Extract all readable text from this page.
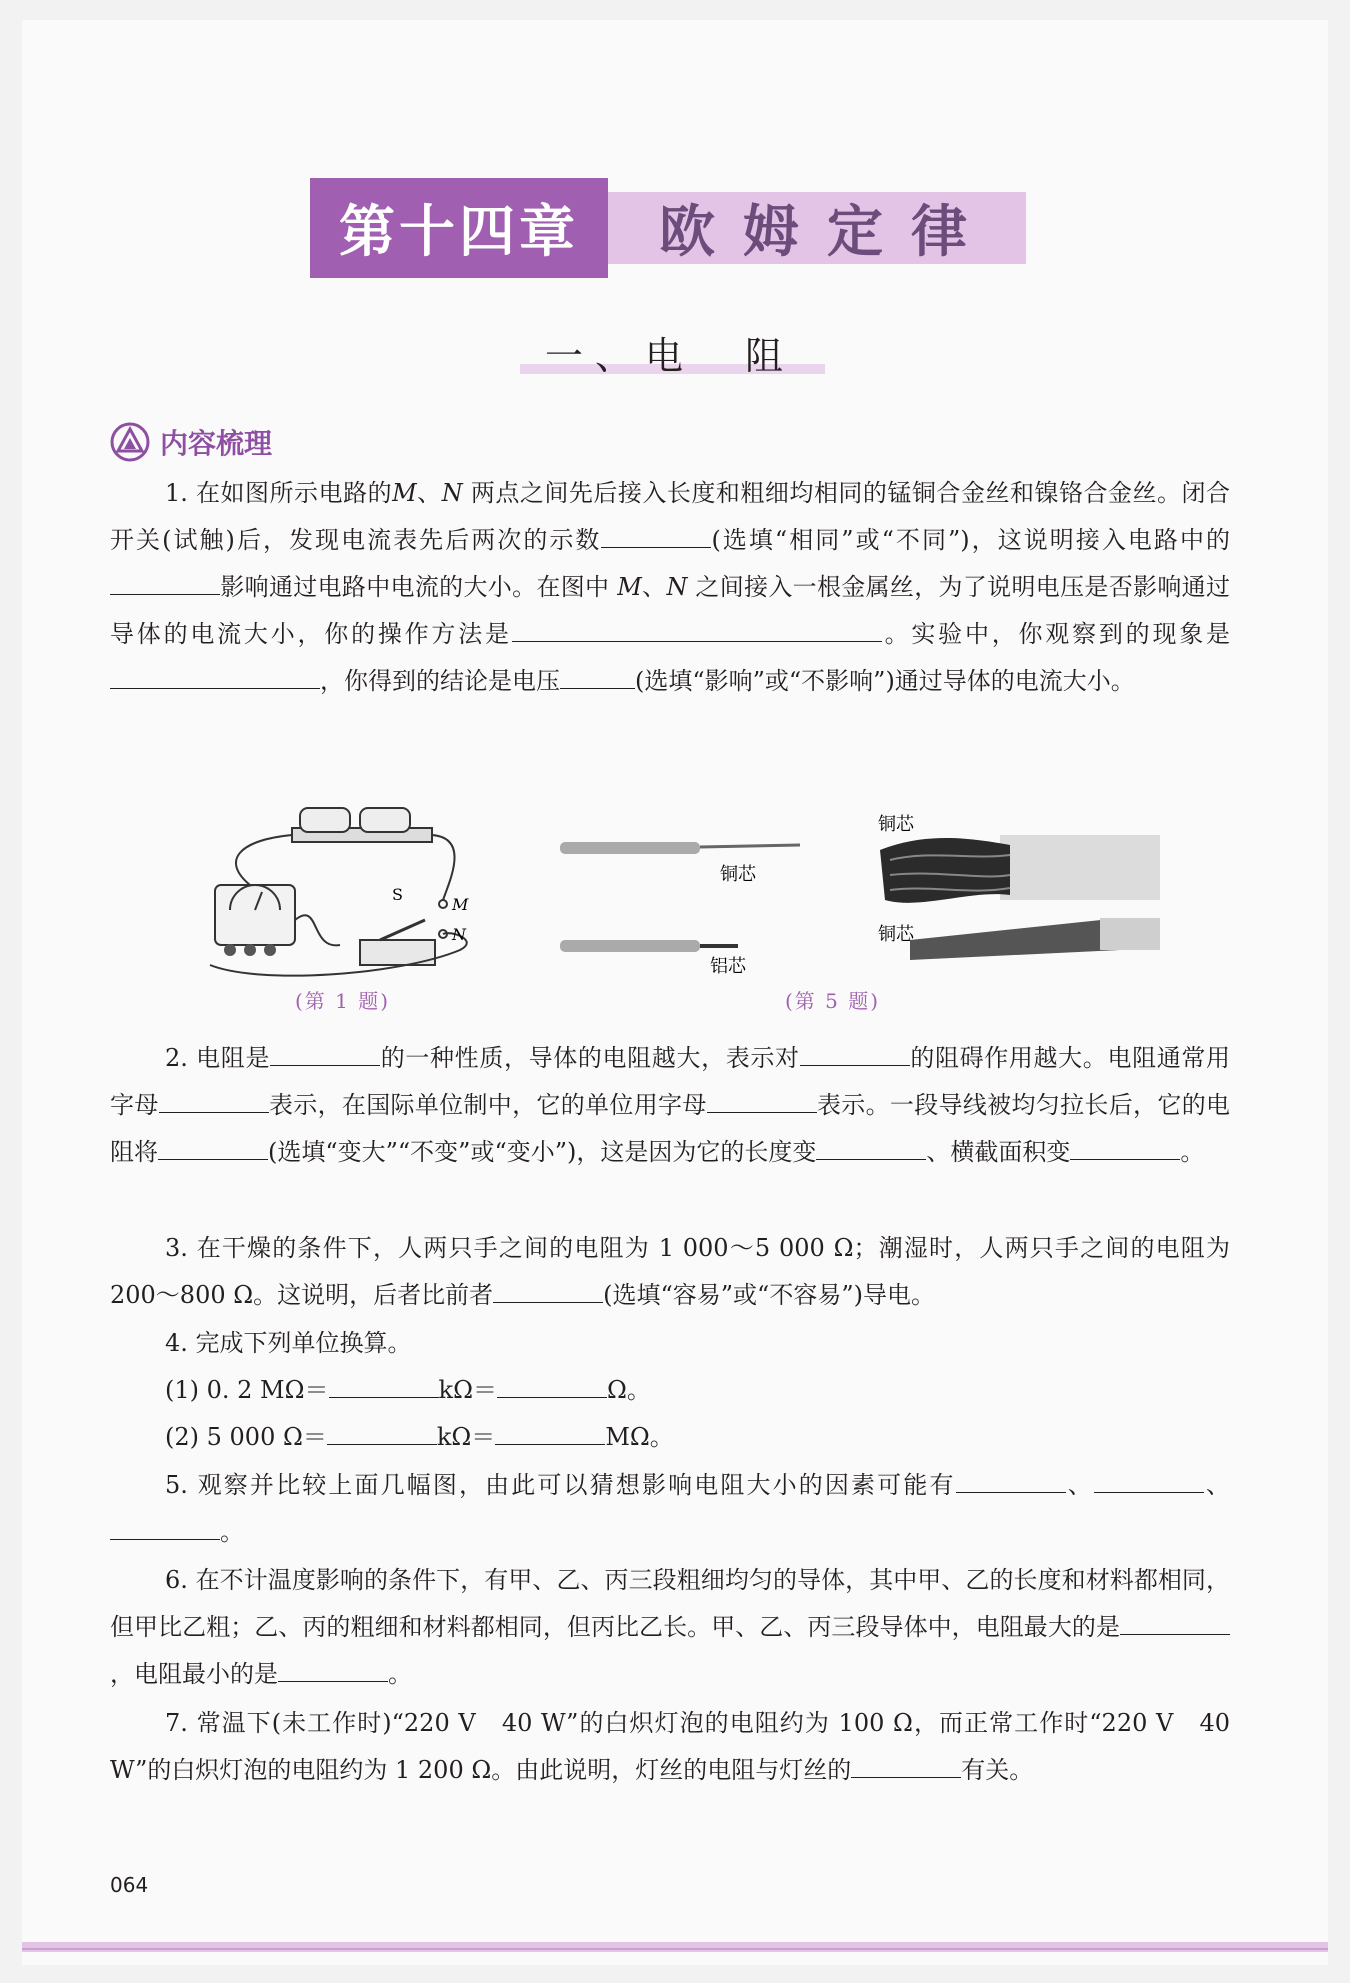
第十四章	欧姆定律
一、电　阻
内容梳理

1. 在如图所示电路的M、N 两点之间先后接入长度和粗细均相同的锰铜合金丝和镍铬合金丝。闭合开关(试触)后，发现电流表先后两次的示数	(选填“相同”或“不同”)，这说明接入电路中的影响通过电路中电流的大小。在图中 M、N 之间接入一根金属丝，为了说明电压是否影响通过导体的电流大小，你的操作方法是	。实验中，你观察到的现象是，你得到的结论是电压	(选填“影响”或“不影响”)通过导体的电流大小。

M
N
S
(第 1 题)
铜芯
铝芯
铜芯
铜芯
(第 5 题)

2. 电阻是	的一种性质，导体的电阻越大，表示对	的阻碍作用越大。电阻通常用字母	表示，在国际单位制中，它的单位用字母	表示。一段导线被均匀拉长后，它的电阻将	(选填“变大”“不变”或“变小”)，这是因为它的长度变	、横截面积变	。

3. 在干燥的条件下，人两只手之间的电阻为 1 000～5 000 Ω；潮湿时，人两只手之间的电阻为 200～800 Ω。这说明，后者比前者	(选填“容易”或“不容易”)导电。

4. 完成下列单位换算。

(1) 0. 2 MΩ＝	kΩ＝	Ω。

(2) 5 000 Ω＝	kΩ＝	MΩ。

5. 观察并比较上面几幅图，由此可以猜想影响电阻大小的因素可能有	、	、。

6. 在不计温度影响的条件下，有甲、乙、丙三段粗细均匀的导体，其中甲、乙的长度和材料都相同，但甲比乙粗；乙、丙的粗细和材料都相同，但丙比乙长。甲、乙、丙三段导体中，电阻最大的是，电阻最小的是	。

7. 常温下(未工作时)“220 V　40 W”的白炽灯泡的电阻约为 100 Ω，而正常工作时“220 V　40 W”的白炽灯泡的电阻约为 1 200 Ω。由此说明，灯丝的电阻与灯丝的	有关。

064
